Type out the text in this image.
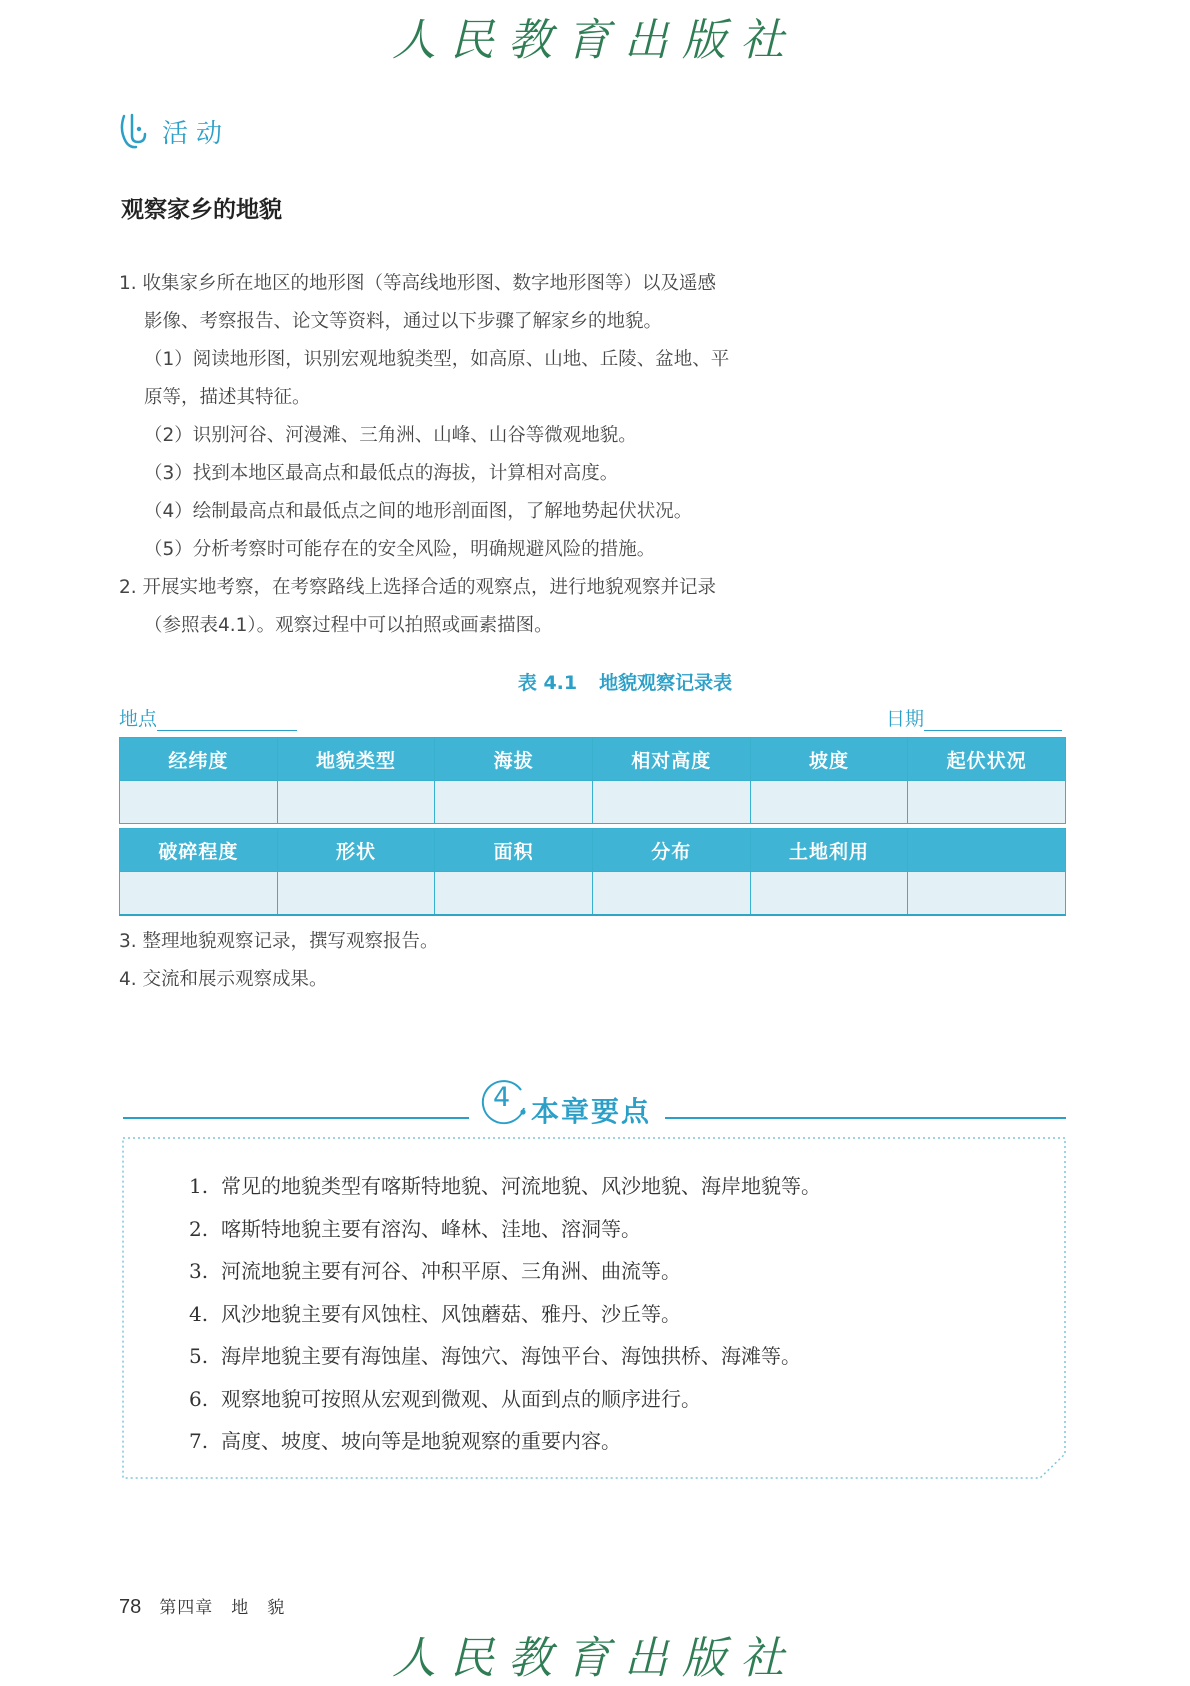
人民教育出版社
活动
观察家乡的地貌
1. 收集家乡所在地区的地形图（等高线地形图、数字地形图等）以及遥感
影像、考察报告、论文等资料，通过以下步骤了解家乡的地貌。
（1）阅读地形图，识别宏观地貌类型，如高原、山地、丘陵、盆地、平
原等，描述其特征。
（2）识别河谷、河漫滩、三角洲、山峰、山谷等微观地貌。
（3）找到本地区最高点和最低点的海拔，计算相对高度。
（4）绘制最高点和最低点之间的地形剖面图，了解地势起伏状况。
（5）分析考察时可能存在的安全风险，明确规避风险的措施。
2. 开展实地考察，在考察路线上选择合适的观察点，进行地貌观察并记录
（参照表4.1）。观察过程中可以拍照或画素描图。
表 4.1 地貌观察记录表
地点	日期
经纬度	地貌类型	海拔	相对高度	坡度	起伏状况

破碎程度	形状	面积	分布	土地利用	

3. 整理地貌观察记录，撰写观察报告。
4. 交流和展示观察成果。
4 本章要点
1. 常见的地貌类型有喀斯特地貌、河流地貌、风沙地貌、海岸地貌等。
2. 喀斯特地貌主要有溶沟、峰林、洼地、溶洞等。
3. 河流地貌主要有河谷、冲积平原、三角洲、曲流等。
4. 风沙地貌主要有风蚀柱、风蚀蘑菇、雅丹、沙丘等。
5. 海岸地貌主要有海蚀崖、海蚀穴、海蚀平台、海蚀拱桥、海滩等。
6. 观察地貌可按照从宏观到微观、从面到点的顺序进行。
7. 高度、坡度、坡向等是地貌观察的重要内容。
78 第四章　地　貌
人民教育出版社
